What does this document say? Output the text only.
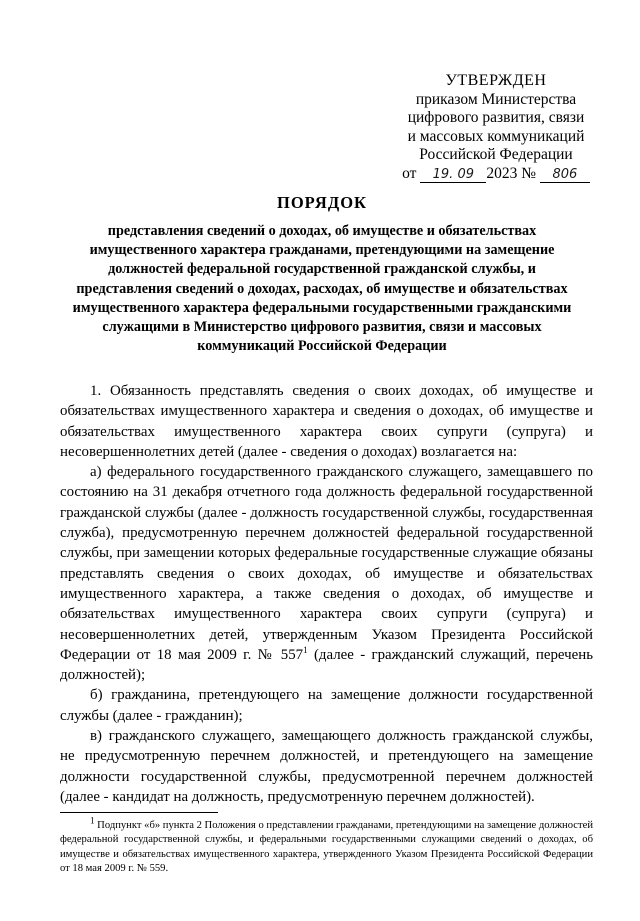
УТВЕРЖДЕН
приказом Министерства
цифрового развития, связи
и массовых коммуникаций
Российской Федерации
от 19. 09 2023 № 806
ПОРЯДОК
представления сведений о доходах, об имуществе и обязательствах имущественного характера гражданами, претендующими на замещение должностей федеральной государственной гражданской службы, и представления сведений о доходах, расходах, об имуществе и обязательствах имущественного характера федеральными государственными гражданскими служащими в Министерство цифрового развития, связи и массовых коммуникаций Российской Федерации

1. Обязанность представлять сведения о своих доходах, об имуществе и обязательствах имущественного характера и сведения о доходах, об имуществе и обязательствах имущественного характера своих супруги (супруга) и несовершеннолетних детей (далее - сведения о доходах) возлагается на:

а) федерального государственного гражданского служащего, замещавшего по состоянию на 31 декабря отчетного года должность федеральной государственной гражданской службы (далее - должность государственной службы, государственная служба), предусмотренную перечнем должностей федеральной государственной службы, при замещении которых федеральные государственные служащие обязаны представлять сведения о своих доходах, об имуществе и обязательствах имущественного характера, а также сведения о доходах, об имуществе и обязательствах имущественного характера своих супруги (супруга) и несовершеннолетних детей, утвержденным Указом Президента Российской Федерации от 18 мая 2009 г. № $557^1$ (далее - гражданский служащий, перечень должностей);

б) гражданина, претендующего на замещение должности государственной службы (далее - гражданин);

в) гражданского служащего, замещающего должность гражданской службы, не предусмотренную перечнем должностей, и претендующего на замещение должности государственной службы, предусмотренной перечнем должностей (далее - кандидат на должность, предусмотренную перечнем должностей).

$^1$ Подпункт «б» пункта 2 Положения о представлении гражданами, претендующими на замещение должностей федеральной государственной службы, и федеральными государственными служащими сведений о доходах, об имуществе и обязательствах имущественного характера, утвержденного Указом Президента Российской Федерации от 18 мая 2009 г. № 559.
